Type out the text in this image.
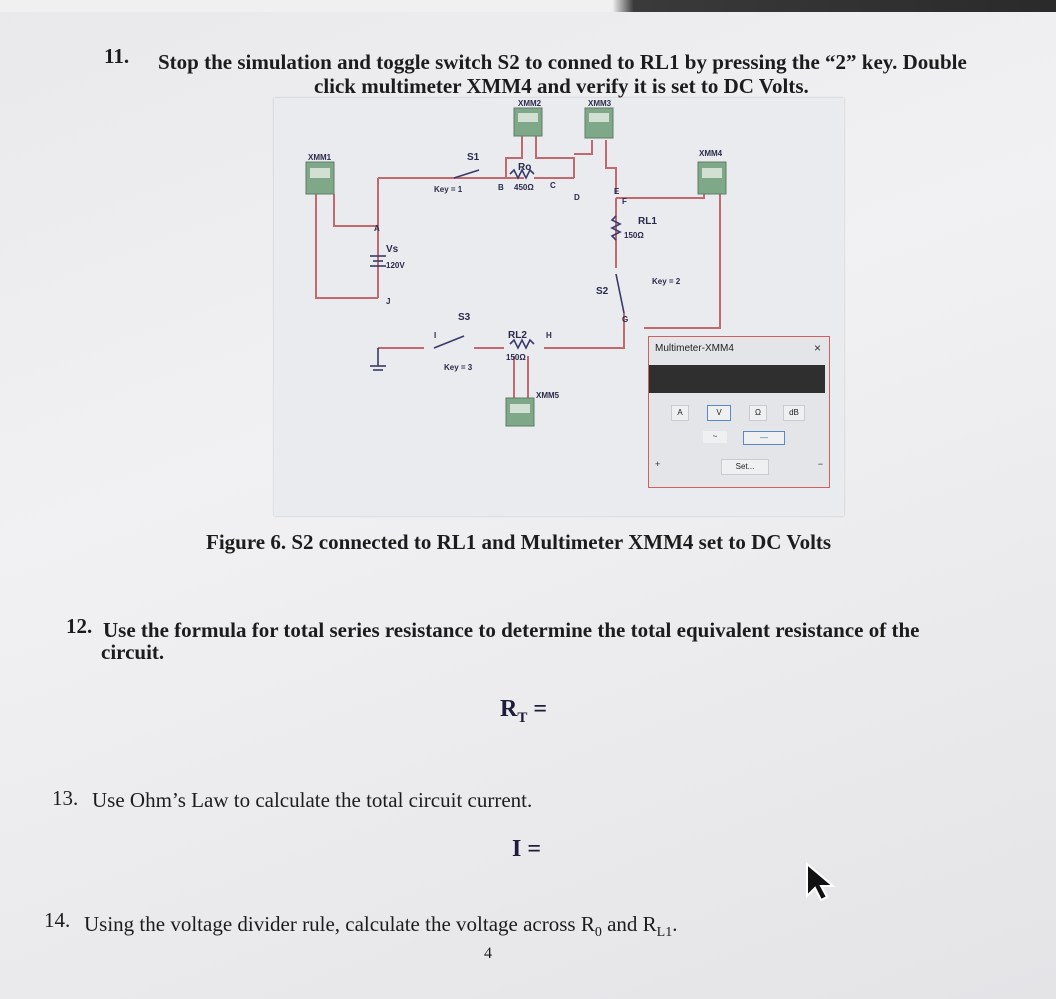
11. Stop the simulation and toggle switch S2 to conned to RL1 by pressing the “2” key. Double
click multimeter XMM4 and verify it is set to DC Volts.
XMM1
XMM2	XMM3
XMM4
XMM5
S1
Key = 1
Ro
450Ω
B	C
D
E
F
A
Vs
120V
J
RL1
150Ω
S2
Key = 2
G
S3
I
Key = 3
RL2
150Ω
H
Multimeter-XMM4	×
A	V	Ω	dB
~	—
+	Set...	−
Figure 6. S2 connected to RL1 and Multimeter XMM4 set to DC Volts
12. Use the formula for total series resistance to determine the total equivalent resistance of the
circuit.
$R_T$ =
13. Use Ohm’s Law to calculate the total circuit current.
I =
14. Using the voltage divider rule, calculate the voltage across $R_0$ and $R_{L1}$.
4
